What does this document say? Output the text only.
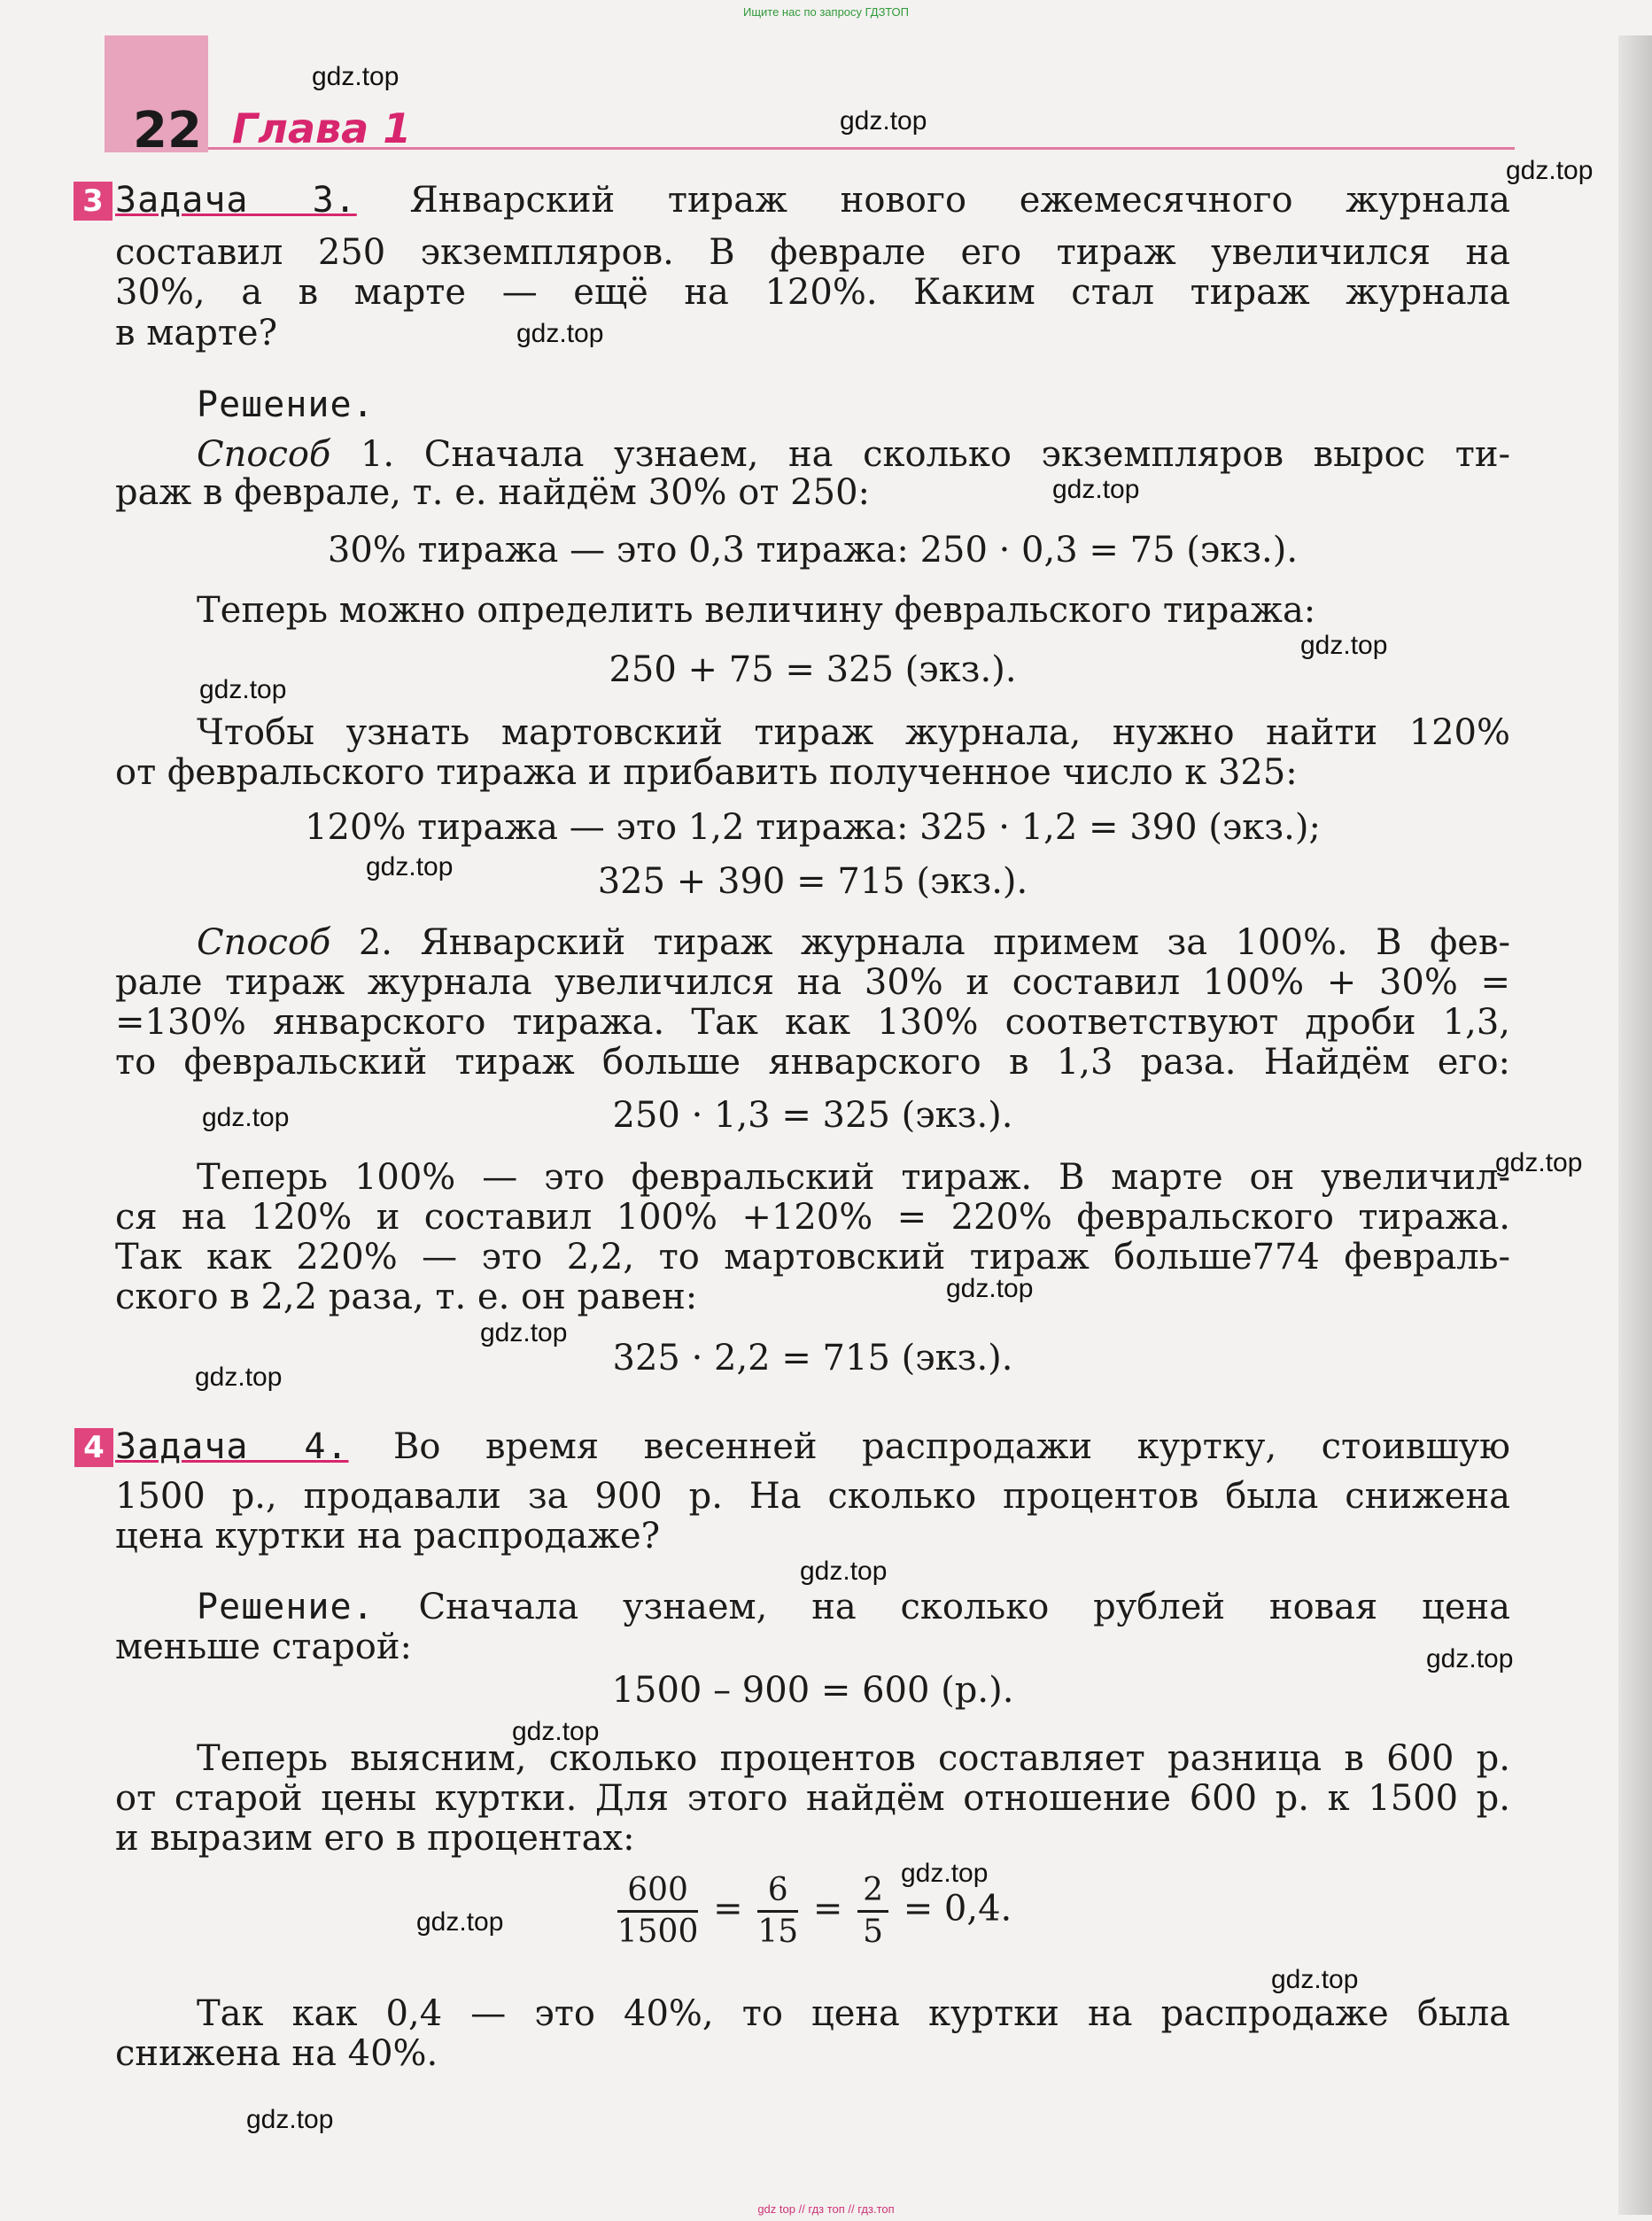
Ищите нас по запросу ГДЗТОП
22 Глава 1
gdz.top
gdz.top
gdz.top
gdz.top
gdz.top
gdz.top
gdz.top
gdz.top
gdz.top
gdz.top
gdz.top
gdz.top
gdz.top
gdz.top
gdz.top
gdz.top
gdz.top
gdz.top
gdz.top
gdz.top
3 Задача 3. Январский тираж нового ежемесячного журнала
составил 250 экземпляров. В феврале его тираж увеличился на
30%, а в марте — ещё на 120%. Каким стал тираж журнала
в марте?
Решение.
Способ 1. Сначала узнаем, на сколько экземпляров вырос ти-
раж в феврале, т. е. найдём 30% от 250:
30% тиража — это 0,3 тиража: 250 · 0,3 = 75 (экз.).
Теперь можно определить величину февральского тиража:
250 + 75 = 325 (экз.).
Чтобы узнать мартовский тираж журнала, нужно найти 120%
от февральского тиража и прибавить полученное число к 325:
120% тиража — это 1,2 тиража: 325 · 1,2 = 390 (экз.);
325 + 390 = 715 (экз.).
Способ 2. Январский тираж журнала примем за 100%. В фев-
рале тираж журнала увеличился на 30% и составил 100% + 30% =
=130% январского тиража. Так как 130% соответствуют дроби 1,3,
то февральский тираж больше январского в 1,3 раза. Найдём его:
250 · 1,3 = 325 (экз.).
Теперь 100% — это февральский тираж. В марте он увеличил-
ся на 120% и составил 100% +120% = 220% февральского тиража.
Так как 220% — это 2,2, то мартовский тираж больше774 февраль-
ского в 2,2 раза, т. е. он равен:
325 · 2,2 = 715 (экз.).
4 Задача 4. Во время весенней распродажи куртку, стоившую
1500 р., продавали за 900 р. На сколько процентов была снижена
цена куртки на распродаже?
Решение. Сначала узнаем, на сколько рублей новая цена
меньше старой:
1500 – 900 = 600 (р.).
Теперь выясним, сколько процентов составляет разница в 600 р.
от старой цены куртки. Для этого найдём отношение 600 р. к 1500 р.
и выразим его в процентах:
$\frac{600}{1500} = \frac{6}{15} = \frac{2}{5} = 0,4$.
Так как 0,4 — это 40%, то цена куртки на распродаже была
снижена на 40%.
gdz top // гдз топ // гдз.топ
